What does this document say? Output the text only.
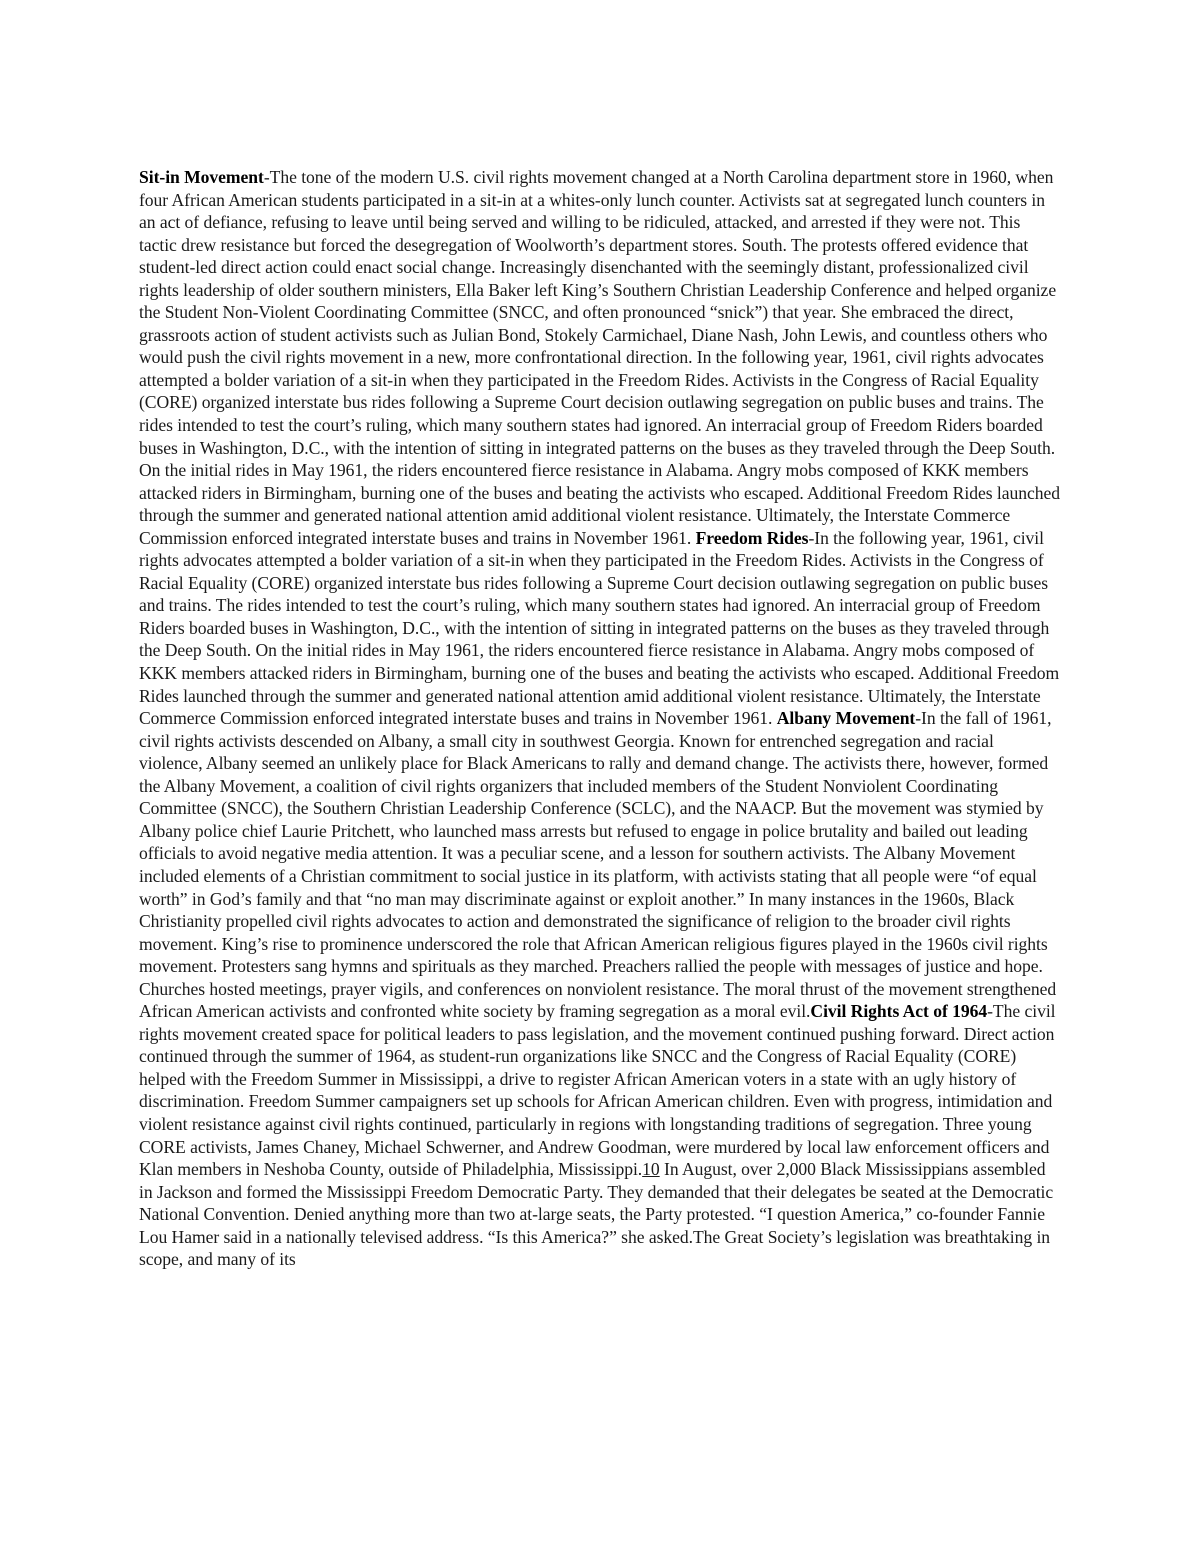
Sit-in Movement-The tone of the modern U.S. civil rights movement changed at a North Carolina department store in 1960, when four African American students participated in a sit-in at a whites-only lunch counter. Activists sat at segregated lunch counters in an act of defiance, refusing to leave until being served and willing to be ridiculed, attacked, and arrested if they were not. This tactic drew resistance but forced the desegregation of Woolworth’s department stores. South. The protests offered evidence that student-led direct action could enact social change. Increasingly disenchanted with the seemingly distant, professionalized civil rights leadership of older southern ministers, Ella Baker left King’s Southern Christian Leadership Conference and helped organize the Student Non-Violent Coordinating Committee (SNCC, and often pronounced “snick”) that year. She embraced the direct, grassroots action of student activists such as Julian Bond, Stokely Carmichael, Diane Nash, John Lewis, and countless others who would push the civil rights movement in a new, more confrontational direction. In the following year, 1961, civil rights advocates attempted a bolder variation of a sit-in when they participated in the Freedom Rides. Activists in the Congress of Racial Equality (CORE) organized interstate bus rides following a Supreme Court decision outlawing segregation on public buses and trains. The rides intended to test the court’s ruling, which many southern states had ignored. An interracial group of Freedom Riders boarded buses in Washington, D.C., with the intention of sitting in integrated patterns on the buses as they traveled through the Deep South. On the initial rides in May 1961, the riders encountered fierce resistance in Alabama. Angry mobs composed of KKK members attacked riders in Birmingham, burning one of the buses and beating the activists who escaped. Additional Freedom Rides launched through the summer and generated national attention amid additional violent resistance. Ultimately, the Interstate Commerce Commission enforced integrated interstate buses and trains in November 1961. Freedom Rides-In the following year, 1961, civil rights advocates attempted a bolder variation of a sit-in when they participated in the Freedom Rides. Activists in the Congress of Racial Equality (CORE) organized interstate bus rides following a Supreme Court decision outlawing segregation on public buses and trains. The rides intended to test the court’s ruling, which many southern states had ignored. An interracial group of Freedom Riders boarded buses in Washington, D.C., with the intention of sitting in integrated patterns on the buses as they traveled through the Deep South. On the initial rides in May 1961, the riders encountered fierce resistance in Alabama. Angry mobs composed of KKK members attacked riders in Birmingham, burning one of the buses and beating the activists who escaped. Additional Freedom Rides launched through the summer and generated national attention amid additional violent resistance. Ultimately, the Interstate Commerce Commission enforced integrated interstate buses and trains in November 1961. Albany Movement-In the fall of 1961, civil rights activists descended on Albany, a small city in southwest Georgia. Known for entrenched segregation and racial violence, Albany seemed an unlikely place for Black Americans to rally and demand change. The activists there, however, formed the Albany Movement, a coalition of civil rights organizers that included members of the Student Nonviolent Coordinating Committee (SNCC), the Southern Christian Leadership Conference (SCLC), and the NAACP. But the movement was stymied by Albany police chief Laurie Pritchett, who launched mass arrests but refused to engage in police brutality and bailed out leading officials to avoid negative media attention. It was a peculiar scene, and a lesson for southern activists. The Albany Movement included elements of a Christian commitment to social justice in its platform, with activists stating that all people were “of equal worth” in God’s family and that “no man may discriminate against or exploit another.” In many instances in the 1960s, Black Christianity propelled civil rights advocates to action and demonstrated the significance of religion to the broader civil rights movement. King’s rise to prominence underscored the role that African American religious figures played in the 1960s civil rights movement. Protesters sang hymns and spirituals as they marched. Preachers rallied the people with messages of justice and hope. Churches hosted meetings, prayer vigils, and conferences on nonviolent resistance. The moral thrust of the movement strengthened African American activists and confronted white society by framing segregation as a moral evil.Civil Rights Act of 1964-The civil rights movement created space for political leaders to pass legislation, and the movement continued pushing forward. Direct action continued through the summer of 1964, as student-run organizations like SNCC and the Congress of Racial Equality (CORE) helped with the Freedom Summer in Mississippi, a drive to register African American voters in a state with an ugly history of discrimination. Freedom Summer campaigners set up schools for African American children. Even with progress, intimidation and violent resistance against civil rights continued, particularly in regions with longstanding traditions of segregation. Three young CORE activists, James Chaney, Michael Schwerner, and Andrew Goodman, were murdered by local law enforcement officers and Klan members in Neshoba County, outside of Philadelphia, Mississippi.10 In August, over 2,000 Black Mississippians assembled in Jackson and formed the Mississippi Freedom Democratic Party. They demanded that their delegates be seated at the Democratic National Convention. Denied anything more than two at-large seats, the Party protested. “I question America,” co-founder Fannie Lou Hamer said in a nationally televised address. “Is this America?” she asked.The Great Society’s legislation was breathtaking in scope, and many of its
